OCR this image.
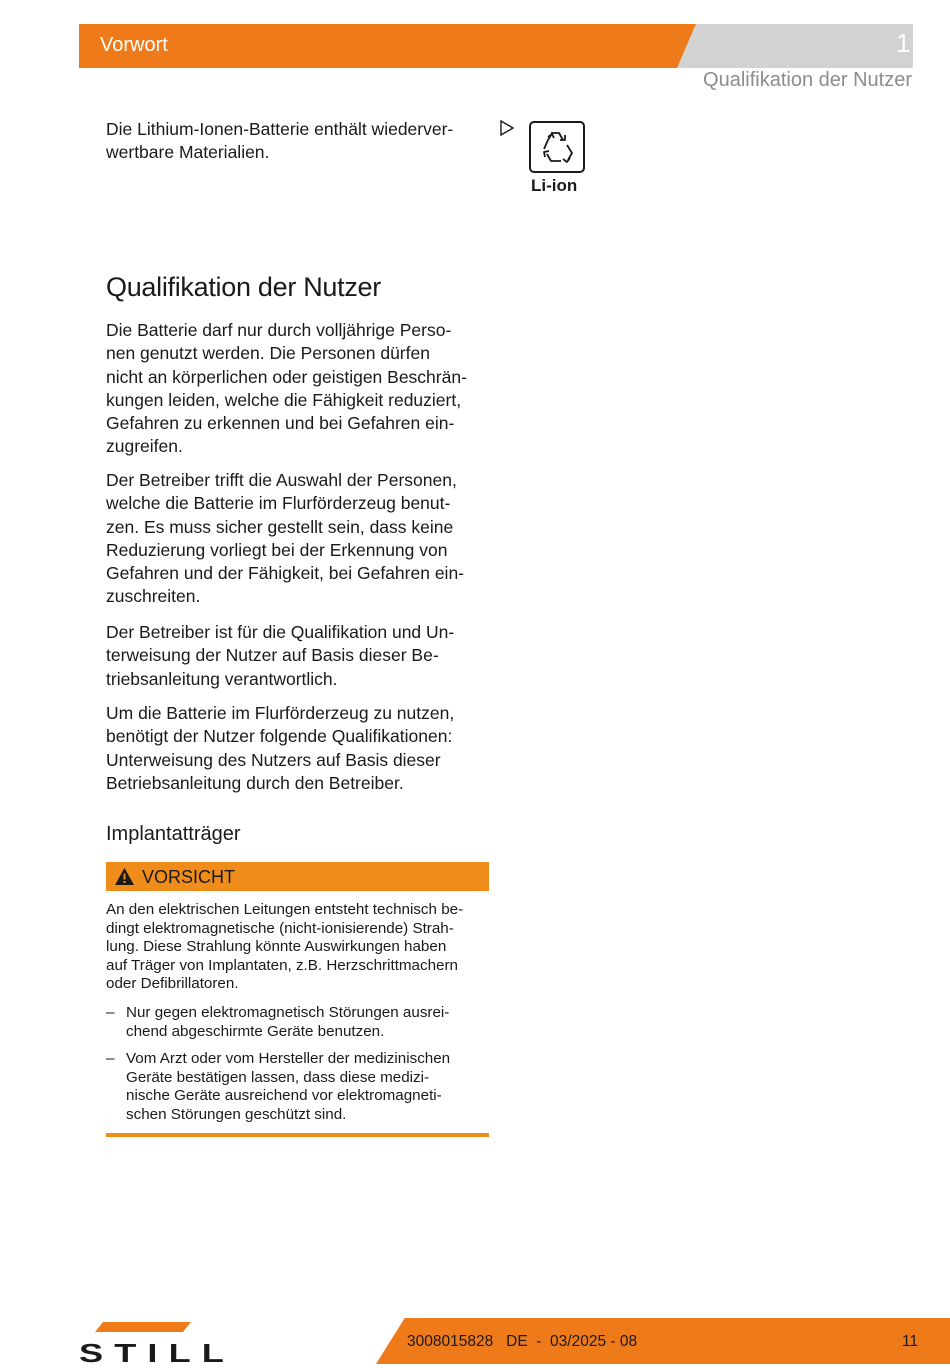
Vorwort	1
Qualifikation der Nutzer

Die Lithium-Ionen-Batterie enthält wiederver-
wertbare Materialien.

Li-ion
Qualifikation der Nutzer

Die Batterie darf nur durch volljährige Perso-
nen genutzt werden. Die Personen dürfen
nicht an körperlichen oder geistigen Beschrän-
kungen leiden, welche die Fähigkeit reduziert,
Gefahren zu erkennen und bei Gefahren ein-
zugreifen.

Der Betreiber trifft die Auswahl der Personen,
welche die Batterie im Flurförderzeug benut-
zen. Es muss sicher gestellt sein, dass keine
Reduzierung vorliegt bei der Erkennung von
Gefahren und der Fähigkeit, bei Gefahren ein-
zuschreiten.

Der Betreiber ist für die Qualifikation und Un-
terweisung der Nutzer auf Basis dieser Be-
triebsanleitung verantwortlich.

Um die Batterie im Flurförderzeug zu nutzen,
benötigt der Nutzer folgende Qualifikationen:
Unterweisung des Nutzers auf Basis dieser
Betriebsanleitung durch den Betreiber.

Implantatträger
VORSICHT

An den elektrischen Leitungen entsteht technisch be-
dingt elektromagnetische (nicht-ionisierende) Strah-
lung. Diese Strahlung könnte Auswirkungen haben
auf Träger von Implantaten, z.B. Herzschrittmachern
oder Defibrillatoren.

– Nur gegen elektromagnetisch Störungen ausrei-
chend abgeschirmte Geräte benutzen.
– Vom Arzt oder vom Hersteller der medizinischen
Geräte bestätigen lassen, dass diese medizi-
nische Geräte ausreichend vor elektromagneti-
schen Störungen geschützt sind.
STILL	3008015828   DE  -  03/2025 - 08	11
